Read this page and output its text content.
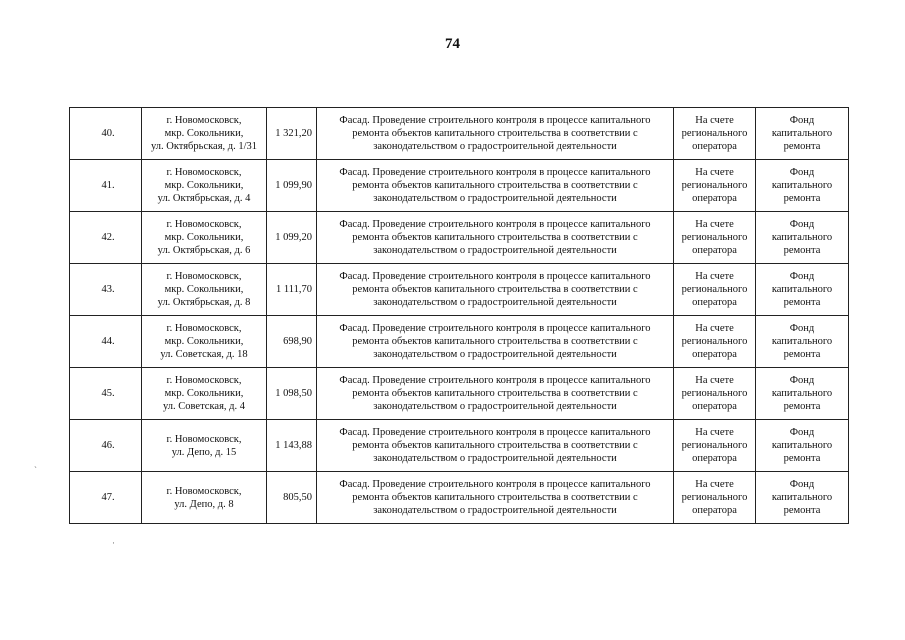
74
40.	г. Новомосковск,
мкр. Сокольники,
ул. Октябрьская, д. 1/31	1 321,20	Фасад. Проведение строительного контроля в процессе капитального ремонта объектов капитального строительства в соответствии с законодательством о градостроительной деятельности	На счете регионального оператора	Фонд капитального ремонта
41.	г. Новомосковск,
мкр. Сокольники,
ул. Октябрьская, д. 4	1 099,90	Фасад. Проведение строительного контроля в процессе капитального ремонта объектов капитального строительства в соответствии с законодательством о градостроительной деятельности	На счете регионального оператора	Фонд капитального ремонта
42.	г. Новомосковск,
мкр. Сокольники,
ул. Октябрьская, д. 6	1 099,20	Фасад. Проведение строительного контроля в процессе капитального ремонта объектов капитального строительства в соответствии с законодательством о градостроительной деятельности	На счете регионального оператора	Фонд капитального ремонта
43.	г. Новомосковск,
мкр. Сокольники,
ул. Октябрьская, д. 8	1 111,70	Фасад. Проведение строительного контроля в процессе капитального ремонта объектов капитального строительства в соответствии с законодательством о градостроительной деятельности	На счете регионального оператора	Фонд капитального ремонта
44.	г. Новомосковск,
мкр. Сокольники,
ул. Советская, д. 18	698,90	Фасад. Проведение строительного контроля в процессе капитального ремонта объектов капитального строительства в соответствии с законодательством о градостроительной деятельности	На счете регионального оператора	Фонд капитального ремонта
45.	г. Новомосковск,
мкр. Сокольники,
ул. Советская, д. 4	1 098,50	Фасад. Проведение строительного контроля в процессе капитального ремонта объектов капитального строительства в соответствии с законодательством о градостроительной деятельности	На счете регионального оператора	Фонд капитального ремонта
46.	г. Новомосковск,
ул. Депо, д. 15	1 143,88	Фасад. Проведение строительного контроля в процессе капитального ремонта объектов капитального строительства в соответствии с законодательством о градостроительной деятельности	На счете регионального оператора	Фонд капитального ремонта
47.	г. Новомосковск,
ул. Депо, д. 8	805,50	Фасад. Проведение строительного контроля в процессе капитального ремонта объектов капитального строительства в соответствии с законодательством о градостроительной деятельности	На счете регионального оператора	Фонд капитального ремонта
ˏ
·
